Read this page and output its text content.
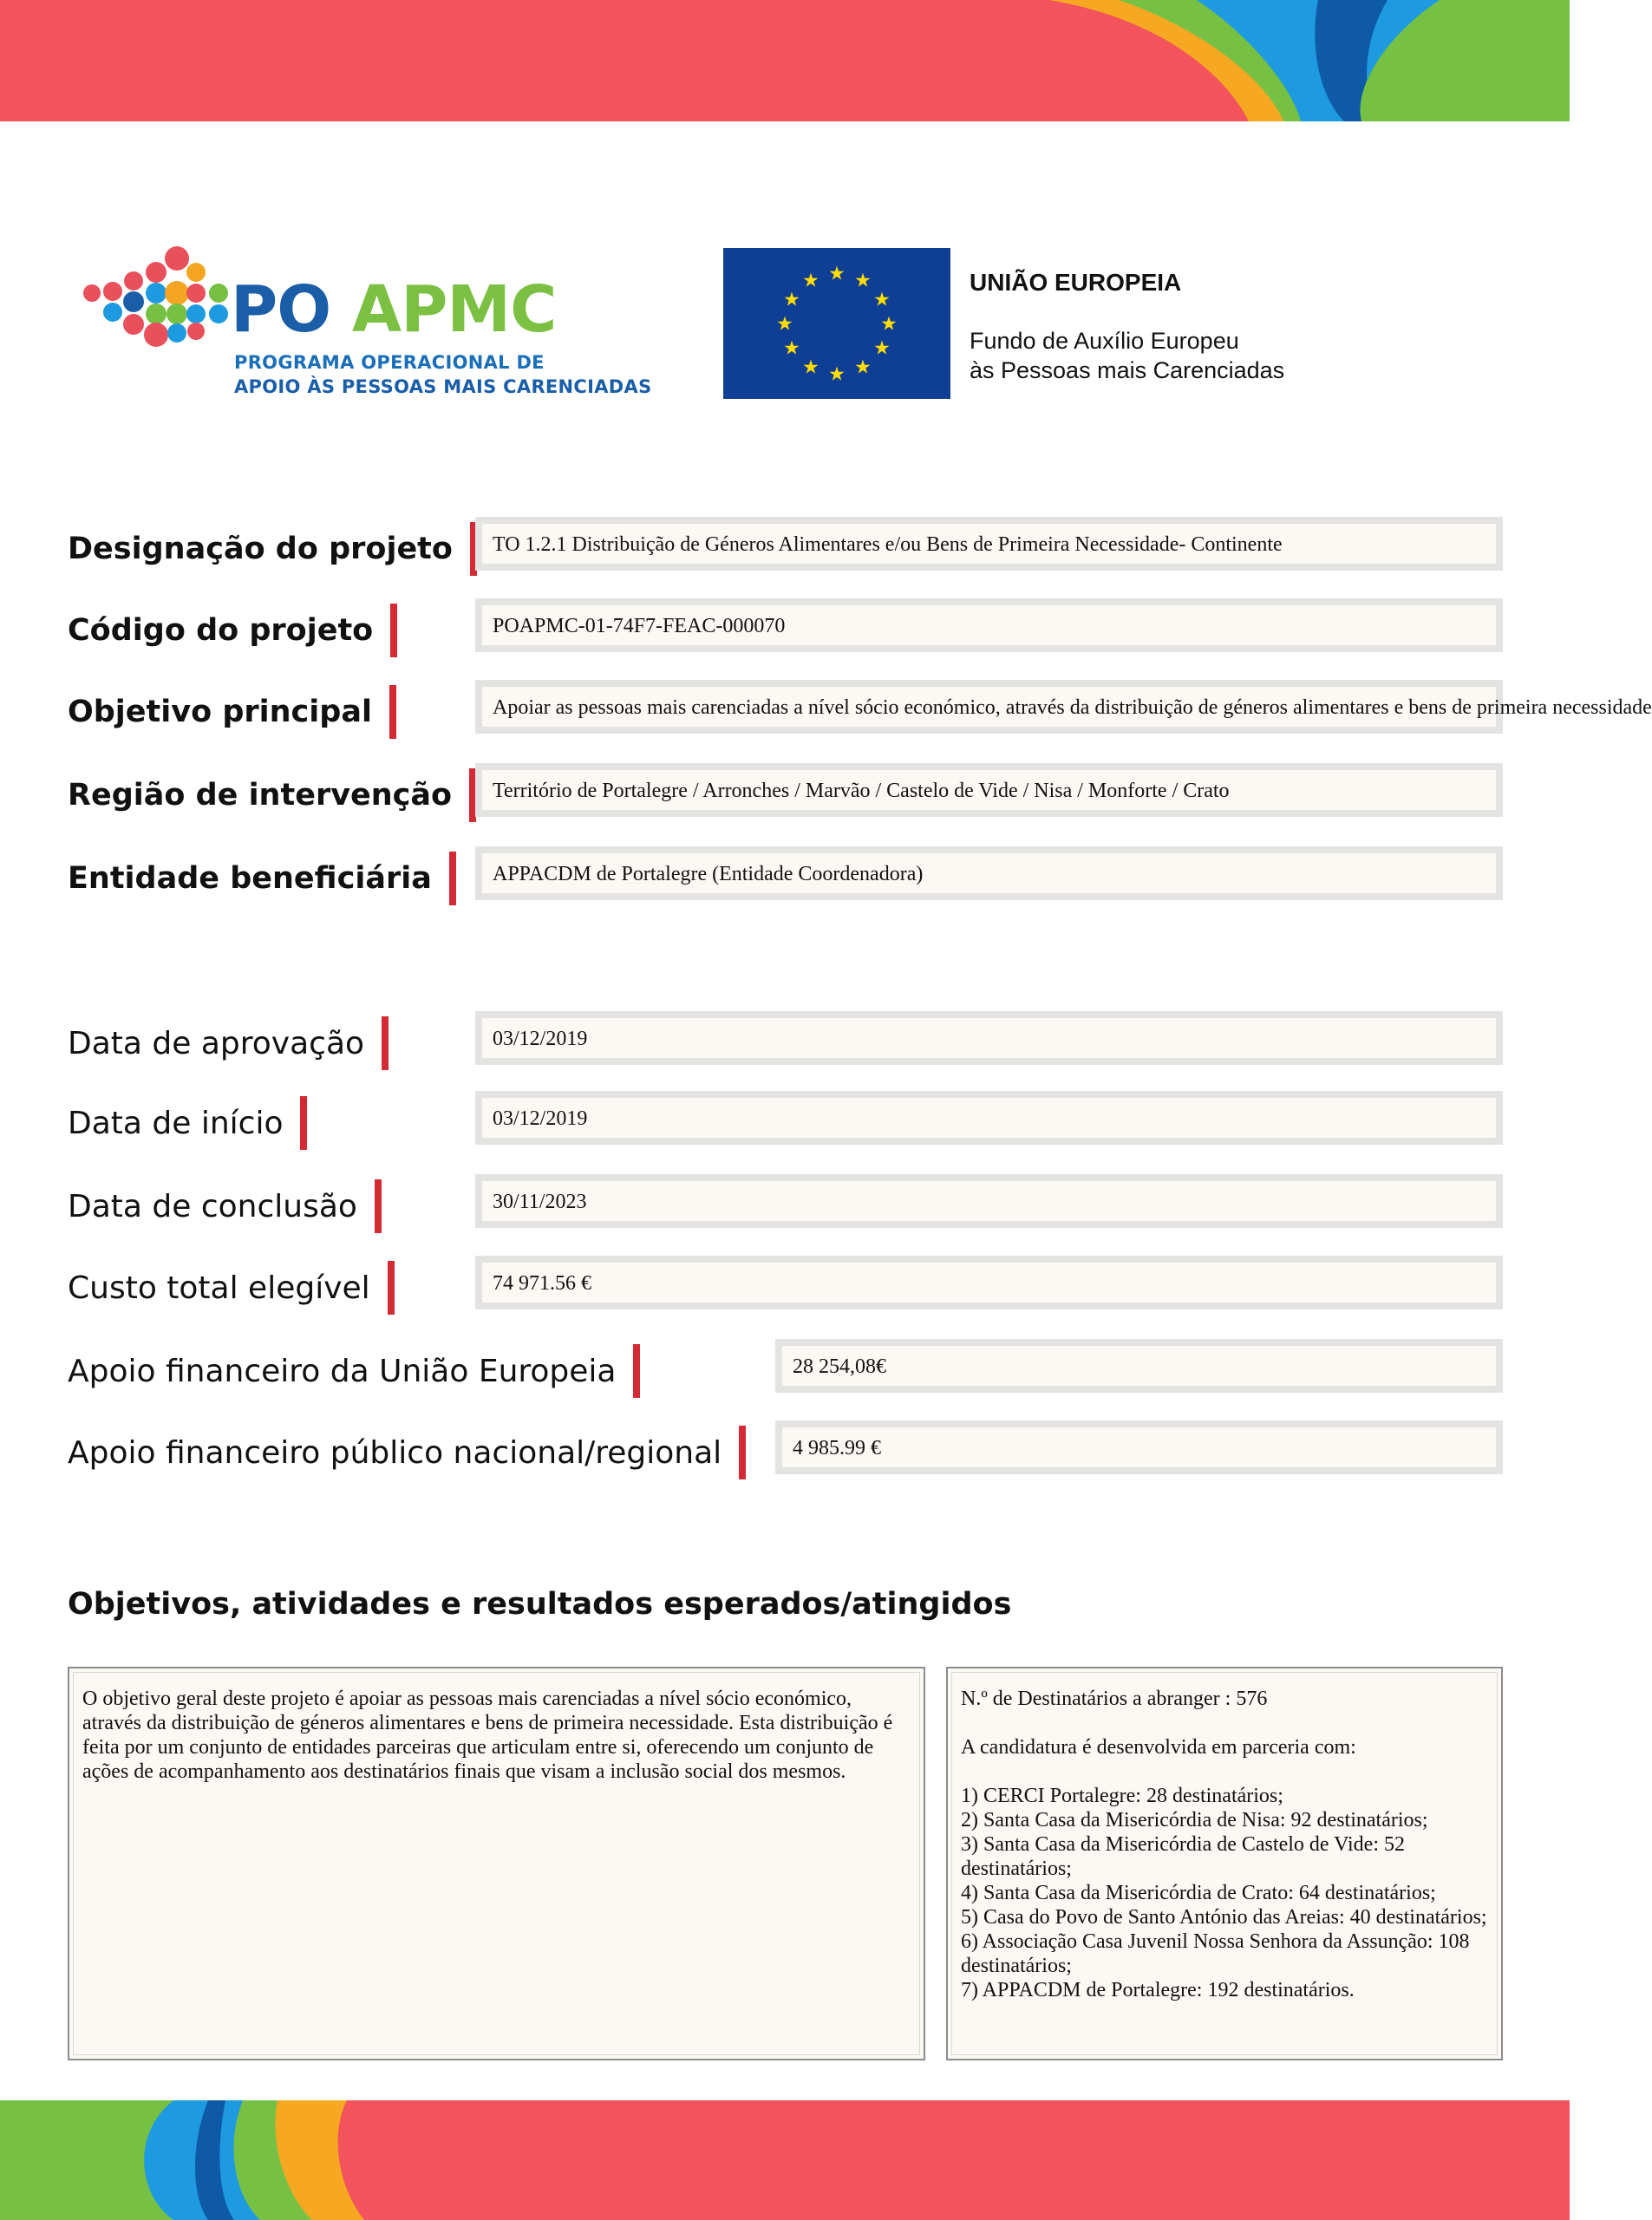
PO APMC
PROGRAMA OPERACIONAL DE
APOIO ÀS PESSOAS MAIS CARENCIADAS
★ ★
★
★
★
★
★
★
★
★
★
★	UNIÃO EUROPEIA
Fundo de Auxílio Europeu
às Pessoas mais Carenciadas
Designação do projeto	TO 1.2.1 Distribuição de Géneros Alimentares e/ou Bens de Primeira Necessidade- Continente
Código do projeto	POAPMC-01-74F7-FEAC-000070
Objetivo principal	Apoiar as pessoas mais carenciadas a nível sócio económico, através da distribuição de géneros alimentares e bens de primeira necessidade
Região de intervenção	Território de Portalegre / Arronches / Marvão / Castelo de Vide / Nisa / Monforte / Crato
Entidade beneficiária	APPACDM de Portalegre (Entidade Coordenadora)
Data de aprovação	03/12/2019
Data de início	03/12/2019
Data de conclusão	30/11/2023
Custo total elegível	74 971.56 €
Apoio financeiro da União Europeia	28 254,08€
Apoio financeiro público nacional/regional	4 985.99 €
Objetivos, atividades e resultados esperados/atingidos

O objetivo geral deste projeto é apoiar as pessoas mais carenciadas a nível sócio económico, através da distribuição de géneros alimentares e bens de primeira necessidade. Esta distribuição é feita por um conjunto de entidades parceiras que articulam entre si, oferecendo um conjunto de ações de acompanhamento aos destinatários finais que visam a inclusão social dos mesmos.

N.º de Destinatários a abranger : 576

A candidatura é desenvolvida em parceria com:

1) CERCI Portalegre: 28 destinatários;

2) Santa Casa da Misericórdia de Nisa: 92 destinatários;

3) Santa Casa da Misericórdia de Castelo de Vide: 52 destinatários;

4) Santa Casa da Misericórdia de Crato: 64 destinatários;

5) Casa do Povo de Santo António das Areias: 40 destinatários;

6) Associação Casa Juvenil Nossa Senhora da Assunção: 108 destinatários;

7) APPACDM de Portalegre: 192 destinatários.
